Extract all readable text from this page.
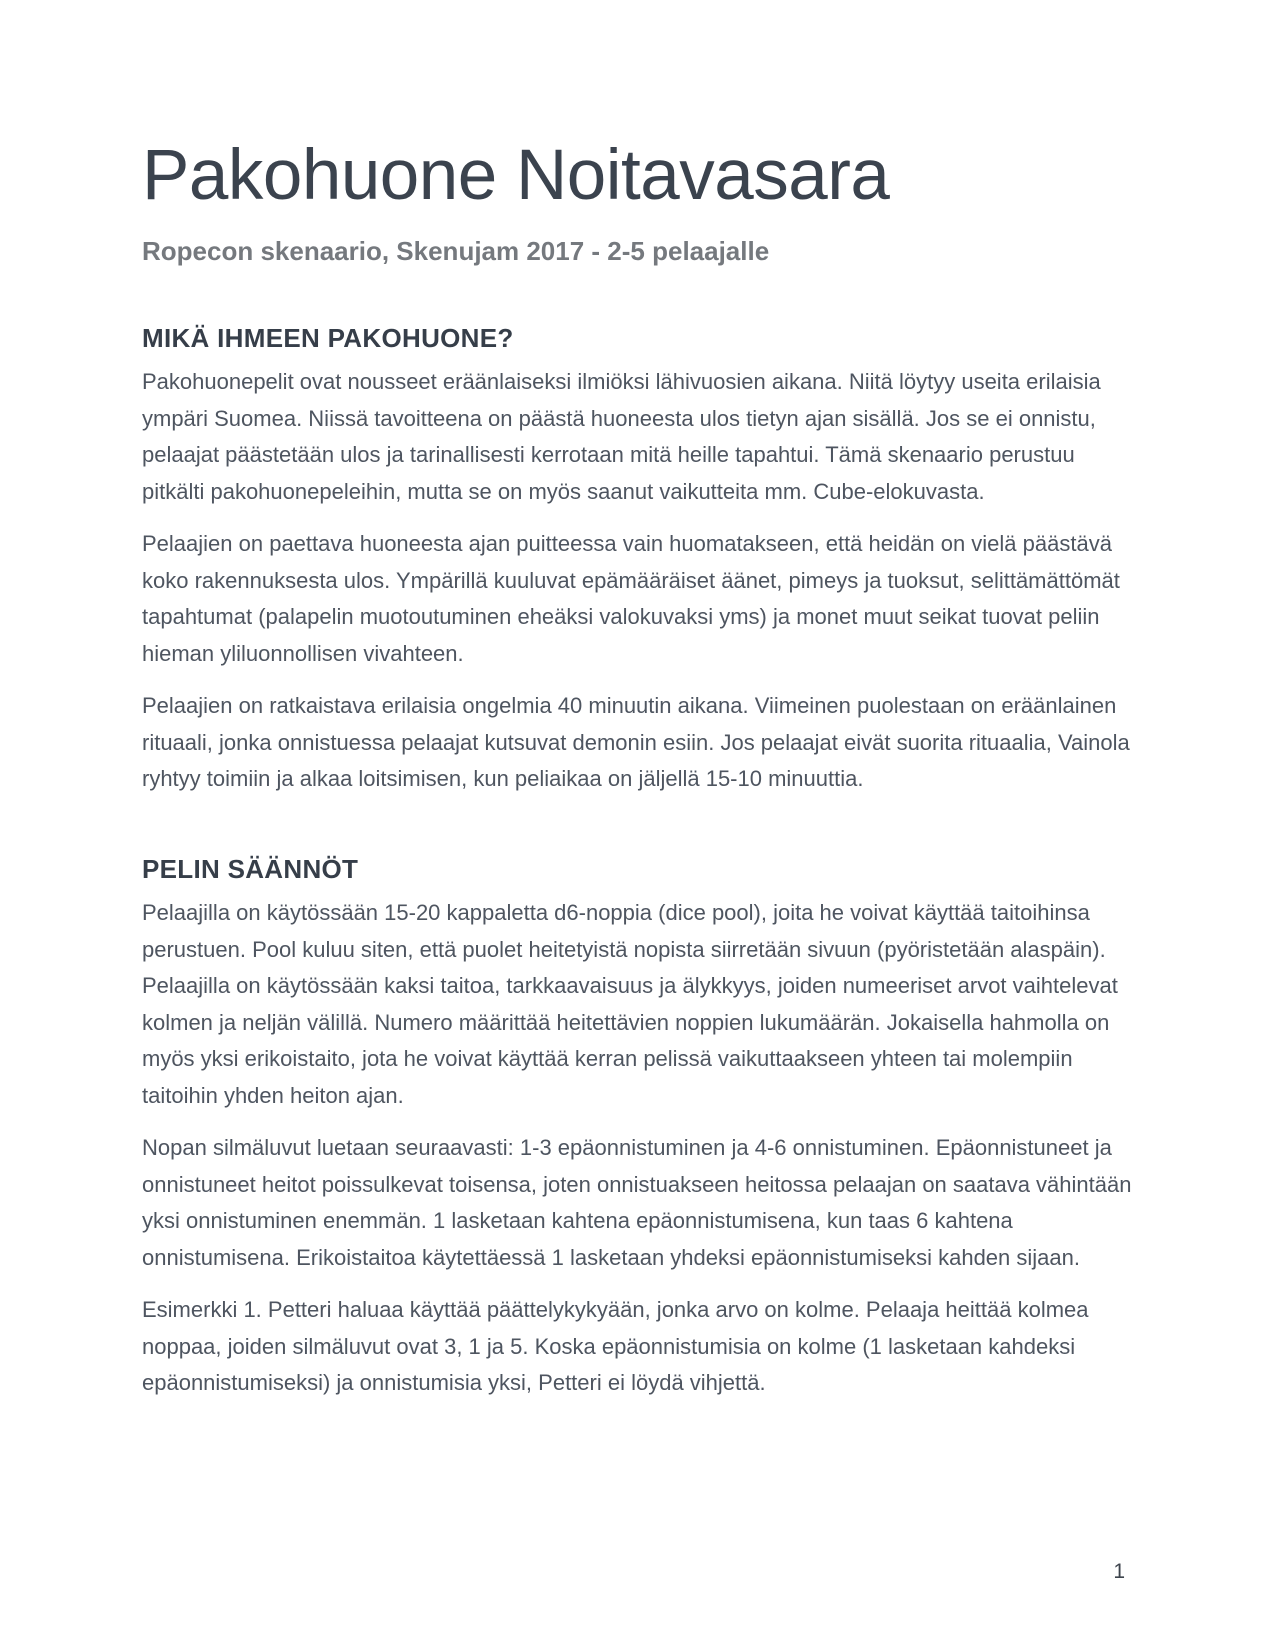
Pakohuone Noitavasara
Ropecon skenaario, Skenujam 2017 - 2-5 pelaajalle
MIKÄ IHMEEN PAKOHUONE?

Pakohuonepelit ovat nousseet eräänlaiseksi ilmiöksi lähivuosien aikana. Niitä löytyy useita erilaisia ympäri Suomea. Niissä tavoitteena on päästä huoneesta ulos tietyn ajan sisällä. Jos se ei onnistu, pelaajat päästetään ulos ja tarinallisesti kerrotaan mitä heille tapahtui. Tämä skenaario perustuu pitkälti pakohuonepeleihin, mutta se on myös saanut vaikutteita mm. Cube-elokuvasta.

Pelaajien on paettava huoneesta ajan puitteessa vain huomatakseen, että heidän on vielä päästävä koko rakennuksesta ulos. Ympärillä kuuluvat epämääräiset äänet, pimeys ja tuoksut, selittämättömät tapahtumat (palapelin muotoutuminen eheäksi valokuvaksi yms) ja monet muut seikat tuovat peliin hieman yliluonnollisen vivahteen.

Pelaajien on ratkaistava erilaisia ongelmia 40 minuutin aikana. Viimeinen puolestaan on eräänlainen rituaali, jonka onnistuessa pelaajat kutsuvat demonin esiin. Jos pelaajat eivät suorita rituaalia, Vainola ryhtyy toimiin ja alkaa loitsimisen, kun peliaikaa on jäljellä 15-10 minuuttia.

PELIN SÄÄNNÖT

Pelaajilla on käytössään 15-20 kappaletta d6-noppia (dice pool), joita he voivat käyttää taitoihinsa perustuen. Pool kuluu siten, että puolet heitetyistä nopista siirretään sivuun (pyöristetään alaspäin). Pelaajilla on käytössään kaksi taitoa, tarkkaavaisuus ja älykkyys, joiden numeeriset arvot vaihtelevat kolmen ja neljän välillä. Numero määrittää heitettävien noppien lukumäärän. Jokaisella hahmolla on myös yksi erikoistaito, jota he voivat käyttää kerran pelissä vaikuttaakseen yhteen tai molempiin taitoihin yhden heiton ajan.

Nopan silmäluvut luetaan seuraavasti: 1-3 epäonnistuminen ja 4-6 onnistuminen. Epäonnistuneet ja onnistuneet heitot poissulkevat toisensa, joten onnistuakseen heitossa pelaajan on saatava vähintään yksi onnistuminen enemmän. 1 lasketaan kahtena epäonnistumisena, kun taas 6 kahtena onnistumisena. Erikoistaitoa käytettäessä 1 lasketaan yhdeksi epäonnistumiseksi kahden sijaan.

Esimerkki 1. Petteri haluaa käyttää päättelykykyään, jonka arvo on kolme. Pelaaja heittää kolmea noppaa, joiden silmäluvut ovat 3, 1 ja 5. Koska epäonnistumisia on kolme (1 lasketaan kahdeksi epäonnistumiseksi) ja onnistumisia yksi, Petteri ei löydä vihjettä.

1
